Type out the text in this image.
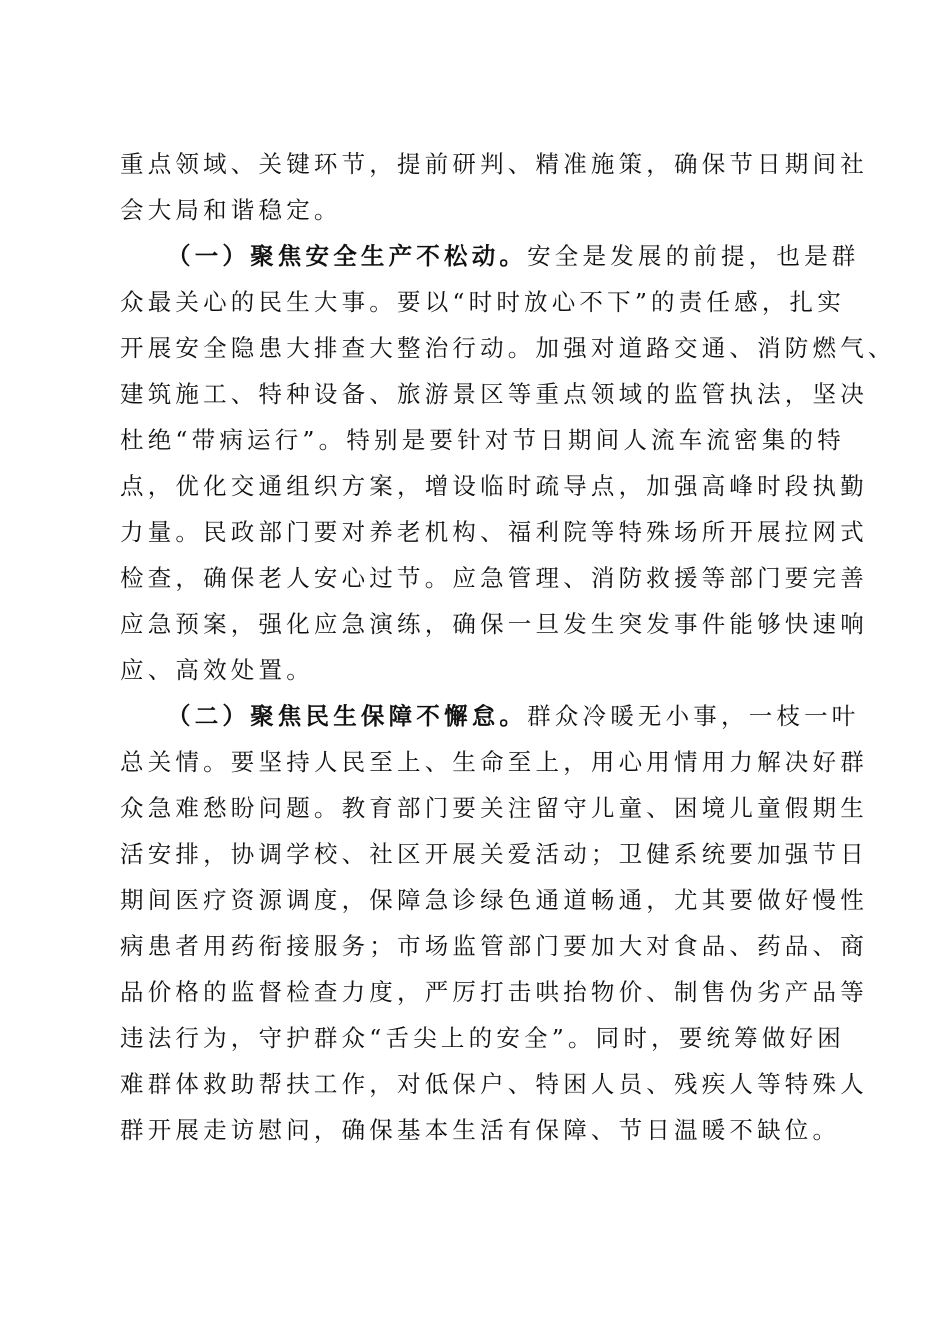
重点领域、关键环节，提前研判、精准施策，确保节日期间社
会大局和谐稳定。
（一）聚焦安全生产不松动。安全是发展的前提，也是群
众最关心的民生大事。要以“时时放心不下”的责任感，扎实
开展安全隐患大排查大整治行动。加强对道路交通、消防燃气、
建筑施工、特种设备、旅游景区等重点领域的监管执法，坚决
杜绝“带病运行”。特别是要针对节日期间人流车流密集的特
点，优化交通组织方案，增设临时疏导点，加强高峰时段执勤
力量。民政部门要对养老机构、福利院等特殊场所开展拉网式
检查，确保老人安心过节。应急管理、消防救援等部门要完善
应急预案，强化应急演练，确保一旦发生突发事件能够快速响
应、高效处置。
（二）聚焦民生保障不懈怠。群众冷暖无小事，一枝一叶
总关情。要坚持人民至上、生命至上，用心用情用力解决好群
众急难愁盼问题。教育部门要关注留守儿童、困境儿童假期生
活安排，协调学校、社区开展关爱活动；卫健系统要加强节日
期间医疗资源调度，保障急诊绿色通道畅通，尤其要做好慢性
病患者用药衔接服务；市场监管部门要加大对食品、药品、商
品价格的监督检查力度，严厉打击哄抬物价、制售伪劣产品等
违法行为，守护群众“舌尖上的安全”。同时，要统筹做好困
难群体救助帮扶工作，对低保户、特困人员、残疾人等特殊人
群开展走访慰问，确保基本生活有保障、节日温暖不缺位。
